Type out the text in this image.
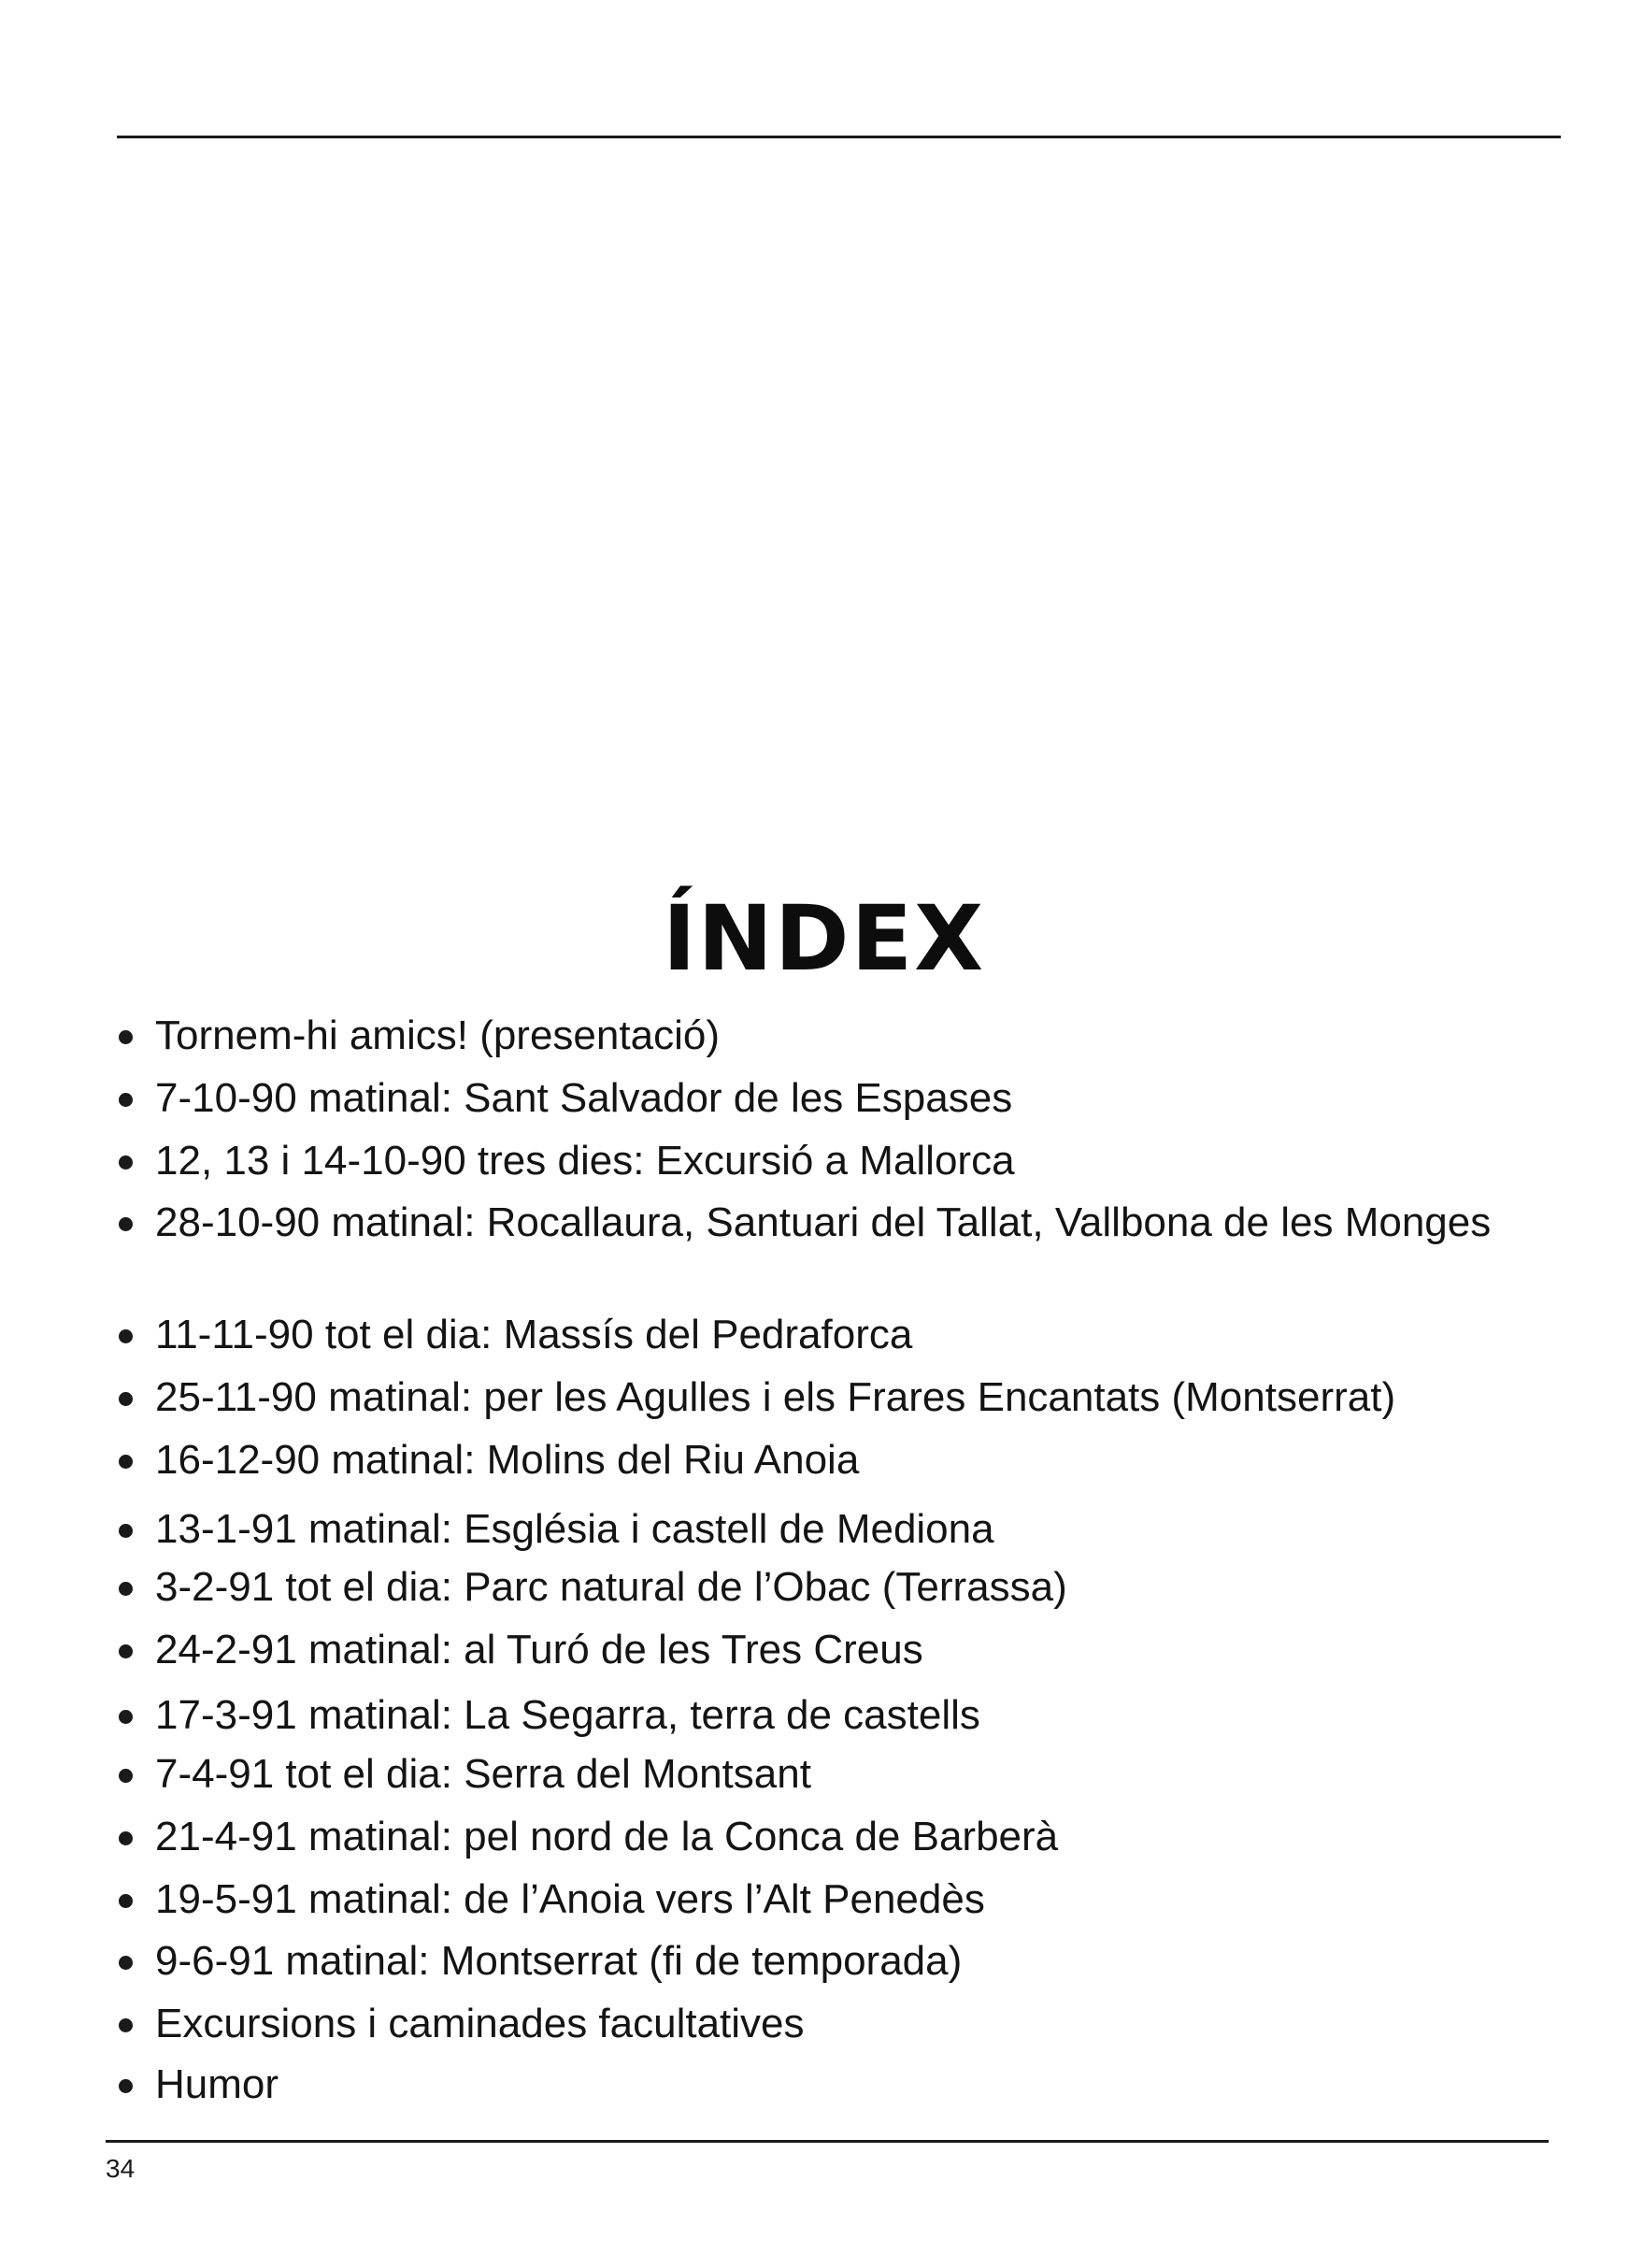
ÍNDEX
Tornem-hi amics! (presentació)
7-10-90 matinal: Sant Salvador de les Espases
12, 13 i 14-10-90 tres dies: Excursió a Mallorca
28-10-90 matinal: Rocallaura, Santuari del Tallat, Vallbona de les Monges
11-11-90 tot el dia: Massís del Pedraforca
25-11-90 matinal: per les Agulles i els Frares Encantats (Montserrat)
16-12-90 matinal: Molins del Riu Anoia
13-1-91 matinal: Església i castell de Mediona
3-2-91 tot el dia: Parc natural de l’Obac (Terrassa)
24-2-91 matinal: al Turó de les Tres Creus
17-3-91 matinal: La Segarra, terra de castells
7-4-91 tot el dia: Serra del Montsant
21-4-91 matinal: pel nord de la Conca de Barberà
19-5-91 matinal: de l’Anoia vers l’Alt Penedès
9-6-91 matinal: Montserrat (fi de temporada)
Excursions i caminades facultatives
Humor
34
